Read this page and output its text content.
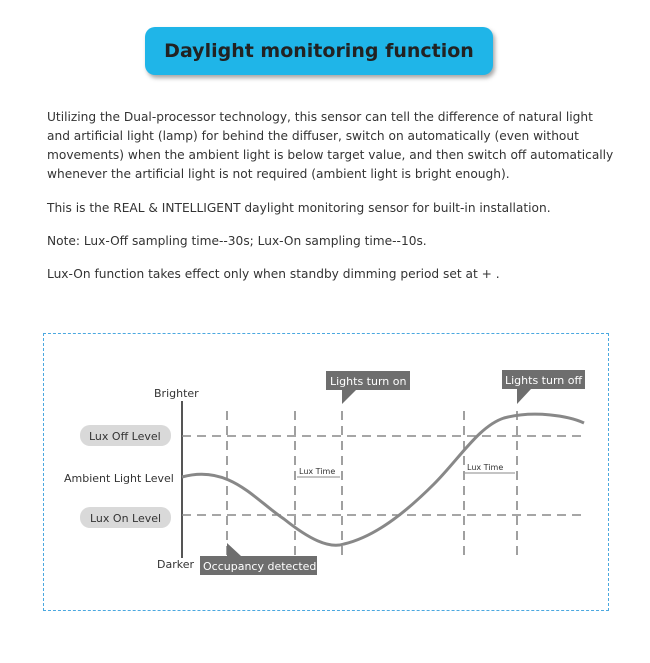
Daylight monitoring function

Utilizing the Dual-processor technology, this sensor can tell the difference of natural light and artificial light (lamp) for behind the diffuser, switch on automatically (even without movements) when the ambient light is below target value, and then switch off automatically whenever the artificial light is not required (ambient light is bright enough).

This is the REAL & INTELLIGENT daylight monitoring sensor for built-in installation.

Note: Lux-Off sampling time--30s; Lux-On sampling time--10s.

Lux-On function takes effect only when standby dimming period set at + .

Brighter
Darker
Ambient Light Level
Lux Off Level
Lux On Level
Lux Time	Lux Time
Lights turn on	Lights turn off
Occupancy detected
